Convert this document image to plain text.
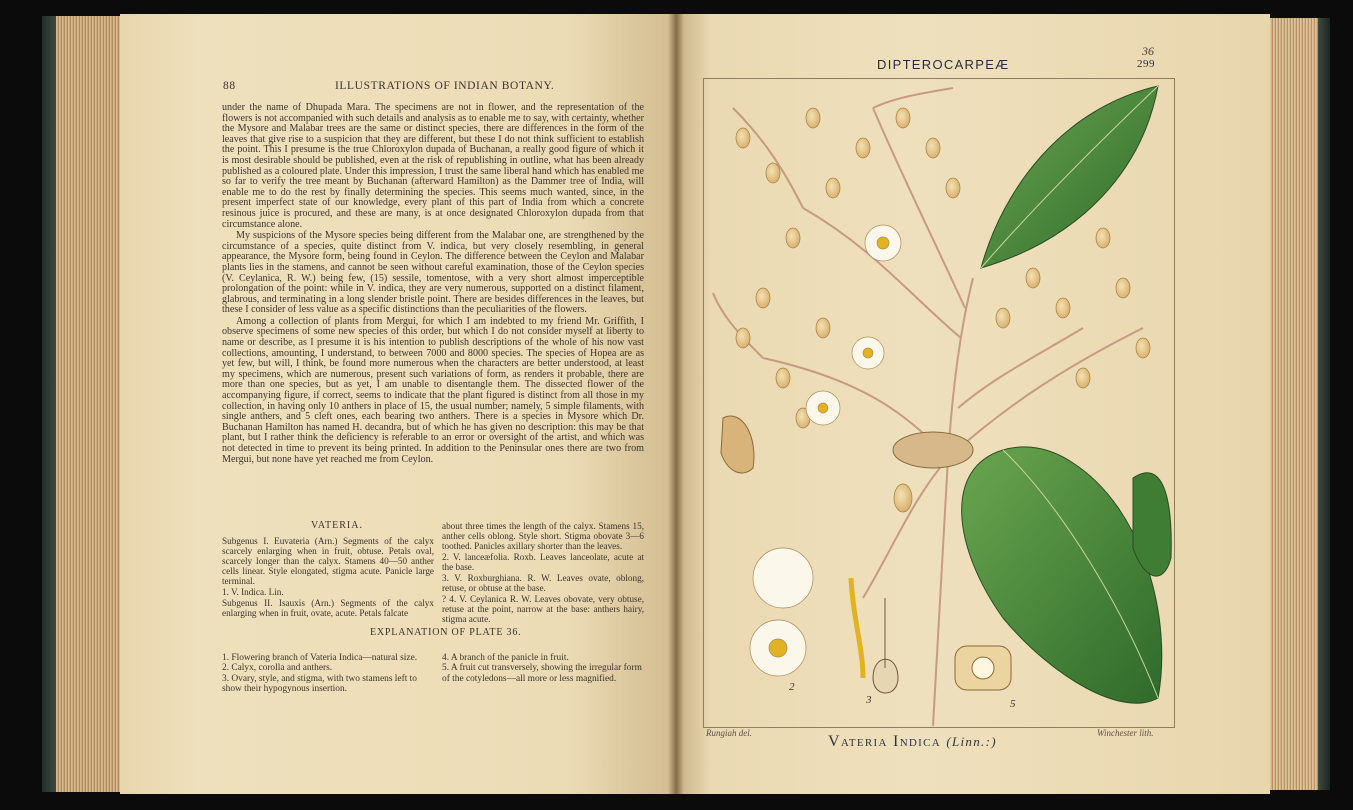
88	ILLUSTRATIONS OF INDIAN BOTANY.

under the name of Dhupada Mara. The specimens are not in flower, and the representation of the flowers is not accompanied with such details and analysis as to enable me to say, with certainty, whether the Mysore and Malabar trees are the same or distinct species, there are differences in the form of the leaves that give rise to a suspicion that they are different, but these I do not think sufficient to establish the point. This I presume is the true Chloroxylon dupada of Buchanan, a really good figure of which it is most desirable should be published, even at the risk of republishing in outline, what has been already published as a coloured plate. Under this impression, I trust the same liberal hand which has enabled me so far to verify the tree meant by Buchanan (afterward Hamilton) as the Dammer tree of India, will enable me to do the rest by finally determining the species. This seems much wanted, since, in the present imperfect state of our knowledge, every plant of this part of India from which a concrete resinous juice is procured, and these are many, is at once designated Chloroxylon dupada from that circumstance alone.

My suspicions of the Mysore species being different from the Malabar one, are strengthened by the circumstance of a species, quite distinct from V. indica, but very closely resembling, in general appearance, the Mysore form, being found in Ceylon. The difference between the Ceylon and Malabar plants lies in the stamens, and cannot be seen without careful examination, those of the Ceylon species (V. Ceylanica, R. W.) being few, (15) sessile, tomentose, with a very short almost imperceptible prolongation of the point: while in V. indica, they are very numerous, supported on a distinct filament, glabrous, and terminating in a long slender bristle point. There are besides differences in the leaves, but these I consider of less value as a specific distinctions than the peculiarities of the flowers.

Among a collection of plants from Mergui, for which I am indebted to my friend Mr. Griffith, I observe specimens of some new species of this order, but which I do not consider myself at liberty to name or describe, as I presume it is his intention to publish descriptions of the whole of his now vast collections, amounting, I understand, to between 7000 and 8000 species. The species of Hopea are as yet few, but will, I think, be found more numerous when the characters are better understood, at least my specimens, which are numerous, present such variations of form, as renders it probable, there are more than one species, but as yet, I am unable to disentangle them. The dissected flower of the accompanying figure, if correct, seems to indicate that the plant figured is distinct from all those in my collection, in having only 10 anthers in place of 15, the usual number; namely, 5 simple filaments, with single anthers, and 5 cleft ones, each bearing two anthers. There is a species in Mysore which Dr. Buchanan Hamilton has named H. decandra, but of which he has given no description: this may be that plant, but I rather think the deficiency is referable to an error or oversight of the artist, and which was not detected in time to prevent its being printed. In addition to the Peninsular ones there are two from Mergui, but none have yet reached me from Ceylon.

VATERIA.

Subgenus I. Euvateria (Arn.) Segments of the calyx scarcely enlarging when in fruit, obtuse. Petals oval, scarcely longer than the calyx. Stamens 40—50 anther cells linear. Style elongated, stigma acute. Panicle large terminal.

1. V. Indica. Lin.

Subgenus II. Isauxis (Arn.) Segments of the calyx enlarging when in fruit, ovate, acute. Petals falcate

about three times the length of the calyx. Stamens 15, anther cells oblong. Style short. Stigma obovate 3—6 toothed. Panicles axillary shorter than the leaves.

2. V. lanceæfolia. Roxb. Leaves lanceolate, acute at the base.

3. V. Roxburghiana. R. W. Leaves ovate, oblong, retuse, or obtuse at the base.

? 4. V. Ceylanica R. W. Leaves obovate, very obtuse, retuse at the point, narrow at the base: anthers hairy, stigma acute.

EXPLANATION OF PLATE 36.

1. Flowering branch of Vateria Indica—natural size.

2. Calyx, corolla and anthers.

3. Ovary, style, and stigma, with two stamens left to show their hypogynous insertion.

4. A branch of the panicle in fruit.

5. A fruit cut transversely, showing the irregular form of the cotyledons—all more or less magnified.

36
299
DIPTEROCARPEÆ
2
3	5
Rungiah del.	Winchester lith.
Vateria Indica (Linn.:)
